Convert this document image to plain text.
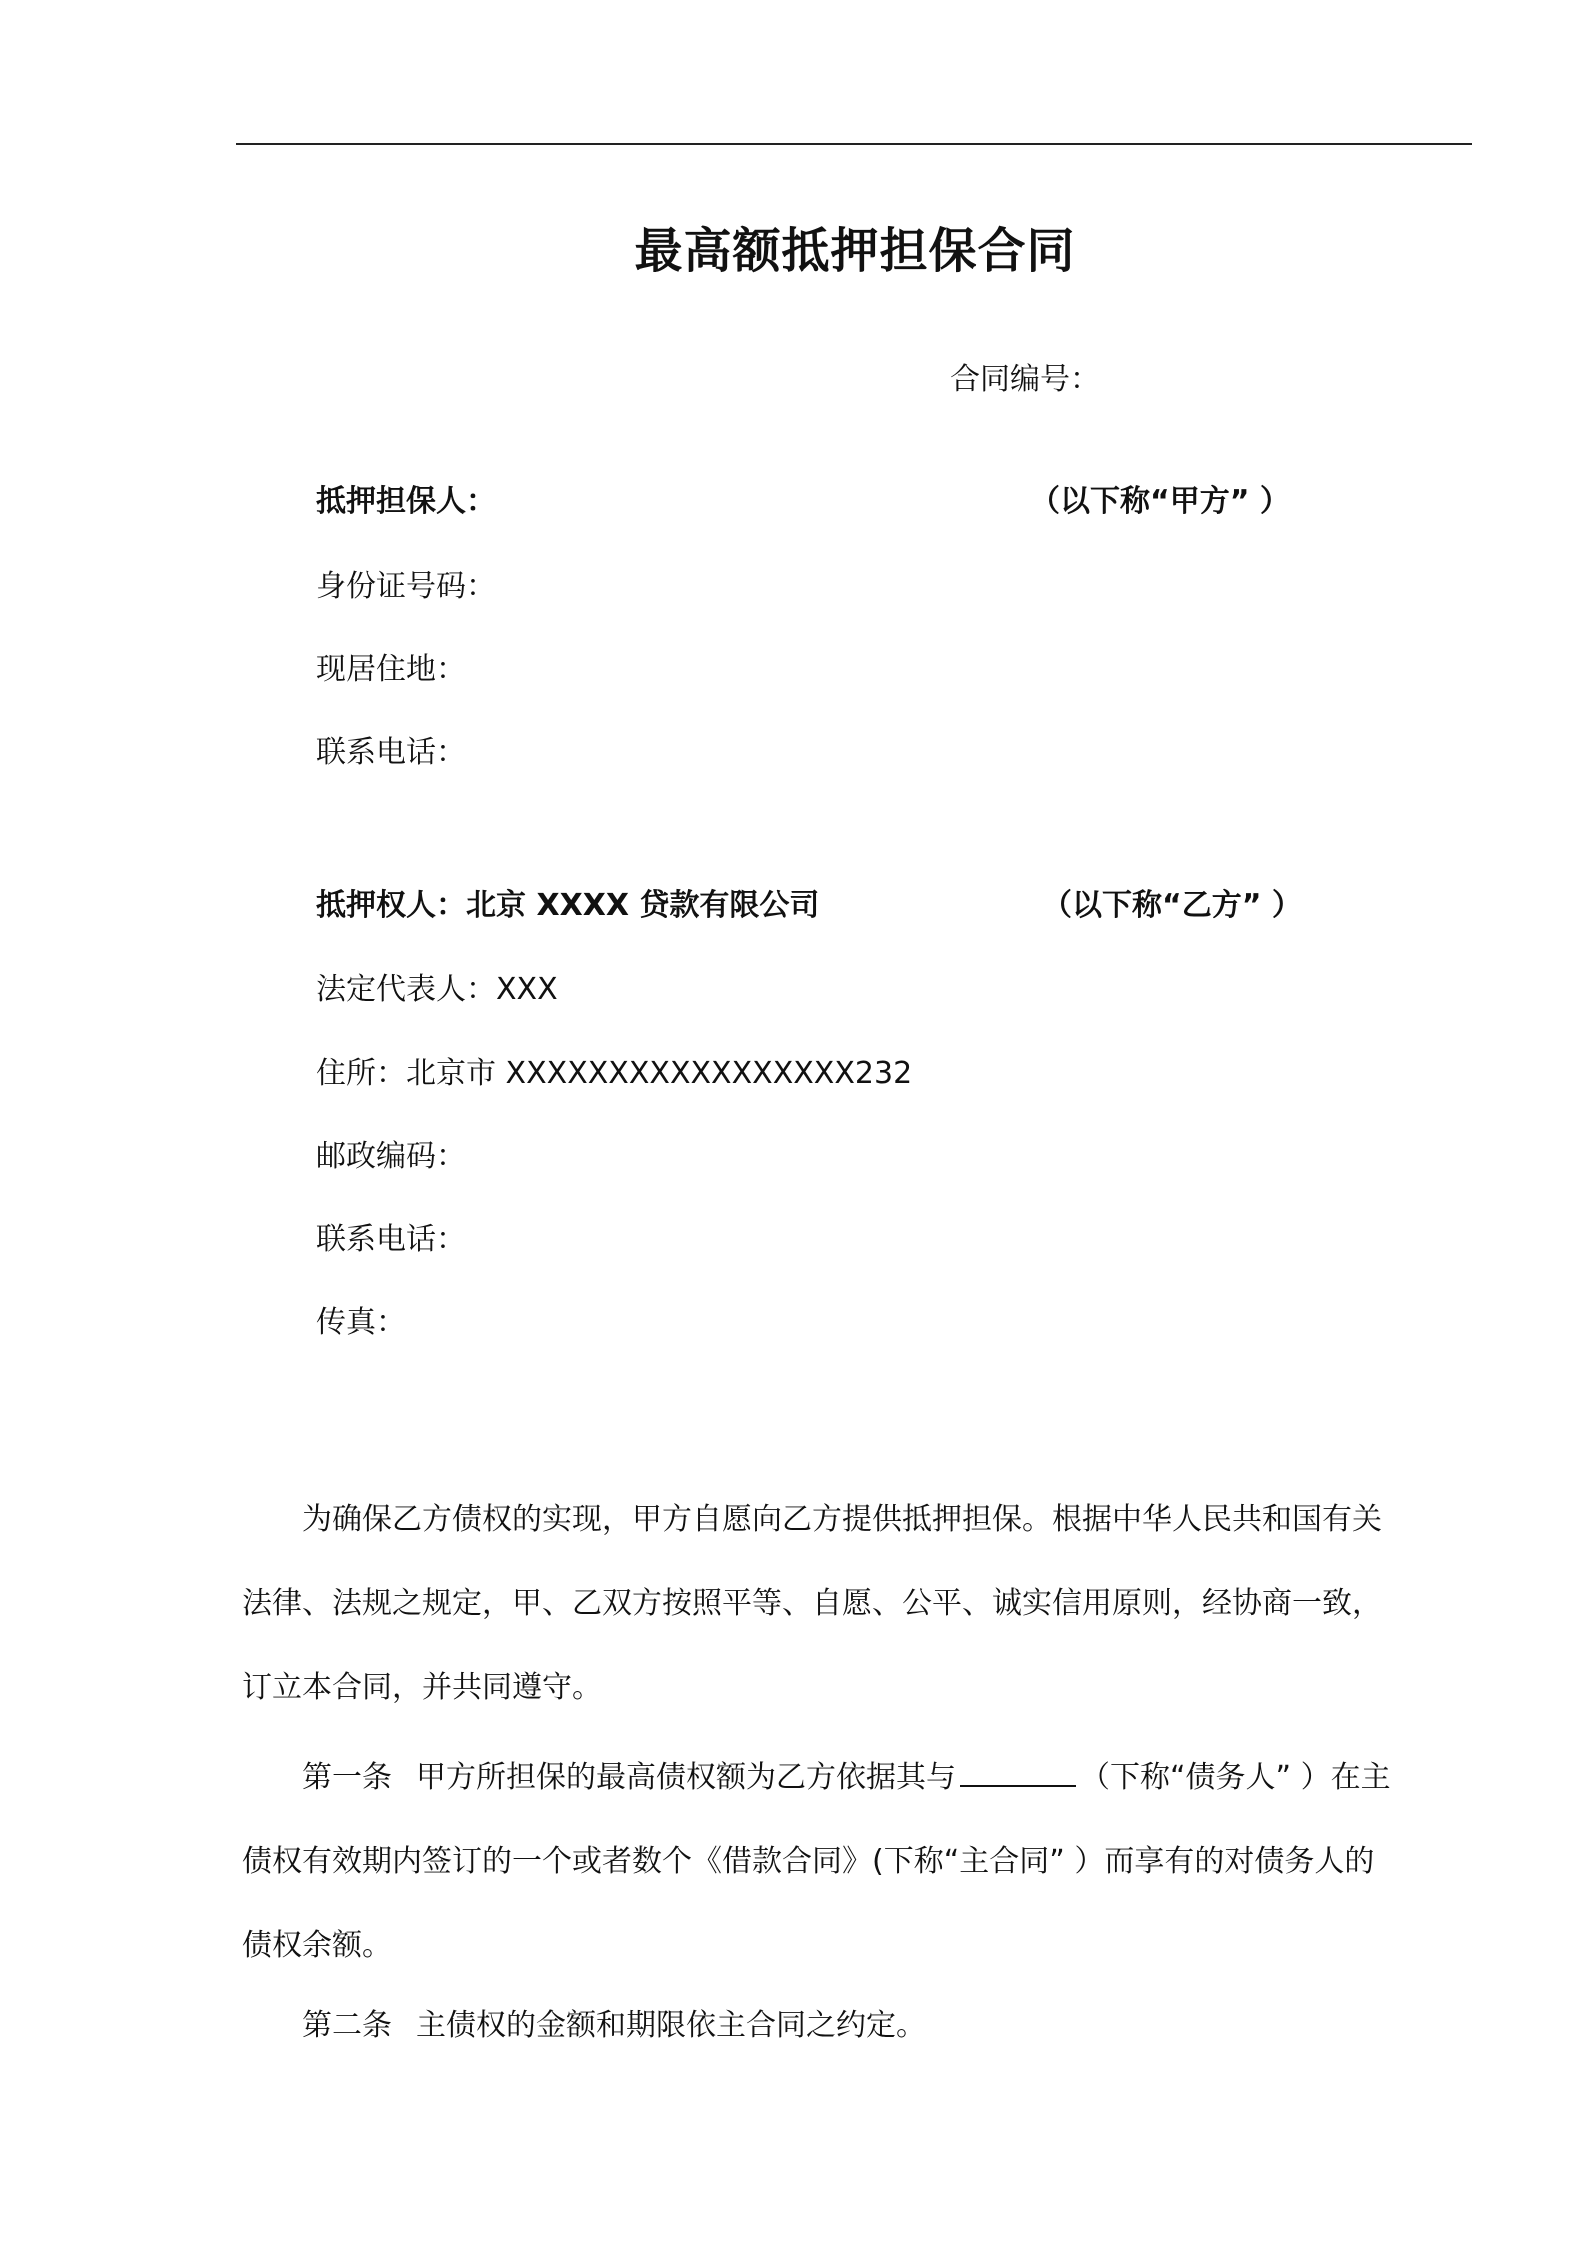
最高额抵押担保合同
合同编号：
抵押担保人：	（以下称“甲方” ）
身份证号码：
现居住地：
联系电话：
抵押权人：北京 XXXX 贷款有限公司	（以下称“乙方” ）
法定代表人：XXX
住所：北京市 XXXXXXXXXXXXXXXXX232
邮政编码：
联系电话：
传真：
为确保乙方债权的实现，甲方自愿向乙方提供抵押担保。根据中华人民共和国有关
法律、法规之规定，甲、乙双方按照平等、自愿、公平、诚实信用原则，经协商一致，
订立本合同，并共同遵守。
第一条 甲方所担保的最高债权额为乙方依据其与	（下称“债务人” ）在主
债权有效期内签订的一个或者数个《借款合同》(下称“主合同” ）而享有的对债务人的
债权余额。
第二条 主债权的金额和期限依主合同之约定。
